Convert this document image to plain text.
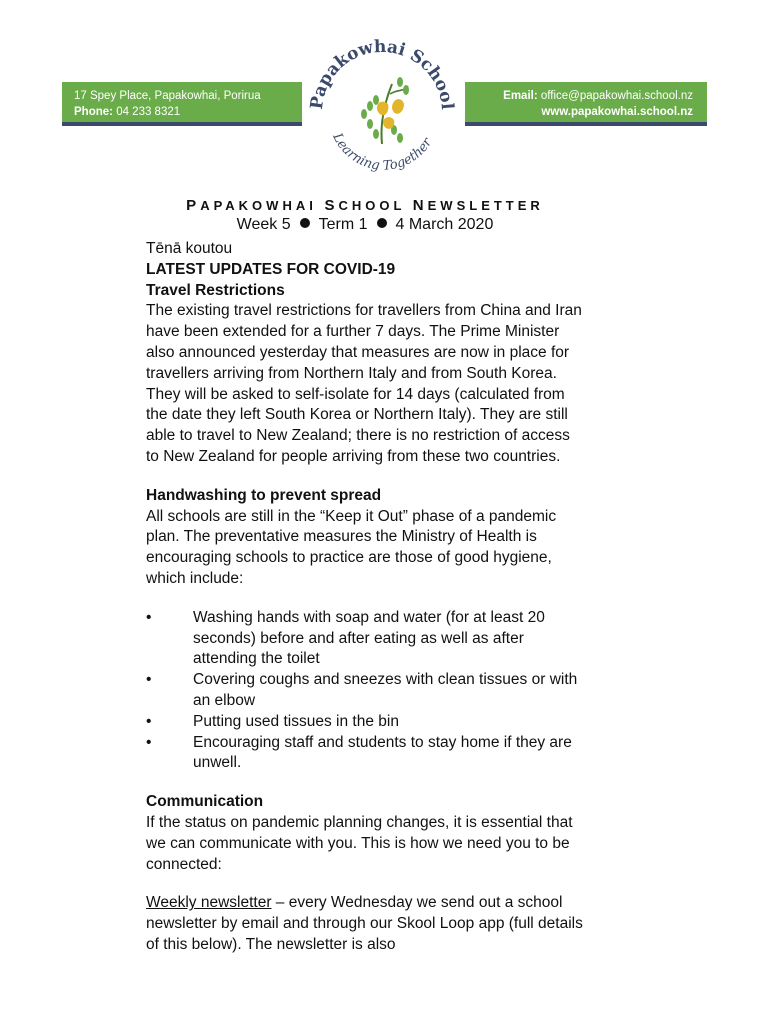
17 Spey Place, Papakowhai, Porirua
Phone: 04 233 8321
Email: office@papakowhai.school.nz
www.papakowhai.school.nz
Papakowhai School
Learning Together
PAPAKOWHAI SCHOOL NEWSLETTER
Week 5 Term 1 4 March 2020

Tēnā koutou

LATEST UPDATES FOR COVID-19

Travel Restrictions

The existing travel restrictions for travellers from China and Iran have been extended for a further 7 days. The Prime Minister also announced yesterday that measures are now in place for travellers arriving from Northern Italy and from South Korea. They will be asked to self-isolate for 14 days (calculated from the date they left South Korea or Northern Italy). They are still able to travel to New Zealand; there is no restriction of access to New Zealand for people arriving from these two countries.

Handwashing to prevent spread

All schools are still in the “Keep it Out” phase of a pandemic plan. The preventative measures the Ministry of Health is encouraging schools to practice are those of good hygiene, which include:

• Washing hands with soap and water (for at least 20 seconds) before and after eating as well as after attending the toilet
• Covering coughs and sneezes with clean tissues or with an elbow
• Putting used tissues in the bin
• Encouraging staff and students to stay home if they are unwell.

Communication

If the status on pandemic planning changes, it is essential that we can communicate with you. This is how we need you to be connected:

Weekly newsletter – every Wednesday we send out a school newsletter by email and through our Skool Loop app (full details of this below). The newsletter is also
